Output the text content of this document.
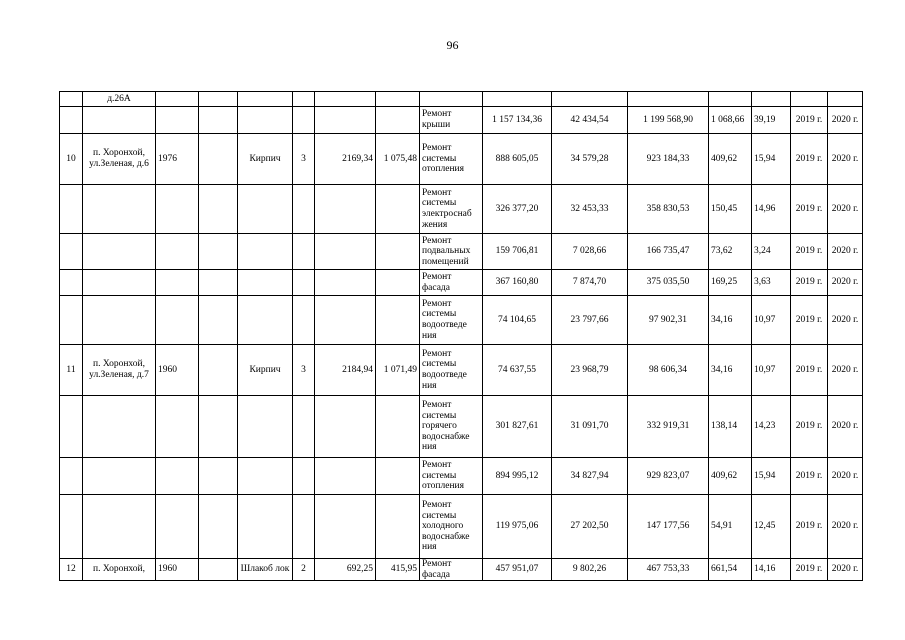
96
	д.26А														
								Ремонт крыши	1 157 134,36	42 434,54	1 199 568,90	1 068,66	39,19	2019 г.	2020 г.
10	п. Хоронхой, ул.Зеленая, д.6	1976		Кирпич	3	2169,34	1 075,48	Ремонт системы отопления	888 605,05	34 579,28	923 184,33	409,62	15,94	2019 г.	2020 г.
								Ремонт системы электроснаб жения	326 377,20	32 453,33	358 830,53	150,45	14,96	2019 г.	2020 г.
								Ремонт подвальных помещений	159 706,81	7 028,66	166 735,47	73,62	3,24	2019 г.	2020 г.
								Ремонт фасада	367 160,80	7 874,70	375 035,50	169,25	3,63	2019 г.	2020 г.
								Ремонт системы водоотведе ния	74 104,65	23 797,66	97 902,31	34,16	10,97	2019 г.	2020 г.
11	п. Хоронхой, ул.Зеленая, д.7	1960		Кирпич	3	2184,94	1 071,49	Ремонт системы водоотведе ния	74 637,55	23 968,79	98 606,34	34,16	10,97	2019 г.	2020 г.
								Ремонт системы горячего водоснабже ния	301 827,61	31 091,70	332 919,31	138,14	14,23	2019 г.	2020 г.
								Ремонт системы отопления	894 995,12	34 827,94	929 823,07	409,62	15,94	2019 г.	2020 г.
								Ремонт системы холодного водоснабже ния	119 975,06	27 202,50	147 177,56	54,91	12,45	2019 г.	2020 г.
12	п. Хоронхой,	1960		Шлакоб лок	2	692,25	415,95	Ремонт фасада	457 951,07	9 802,26	467 753,33	661,54	14,16	2019 г.	2020 г.
